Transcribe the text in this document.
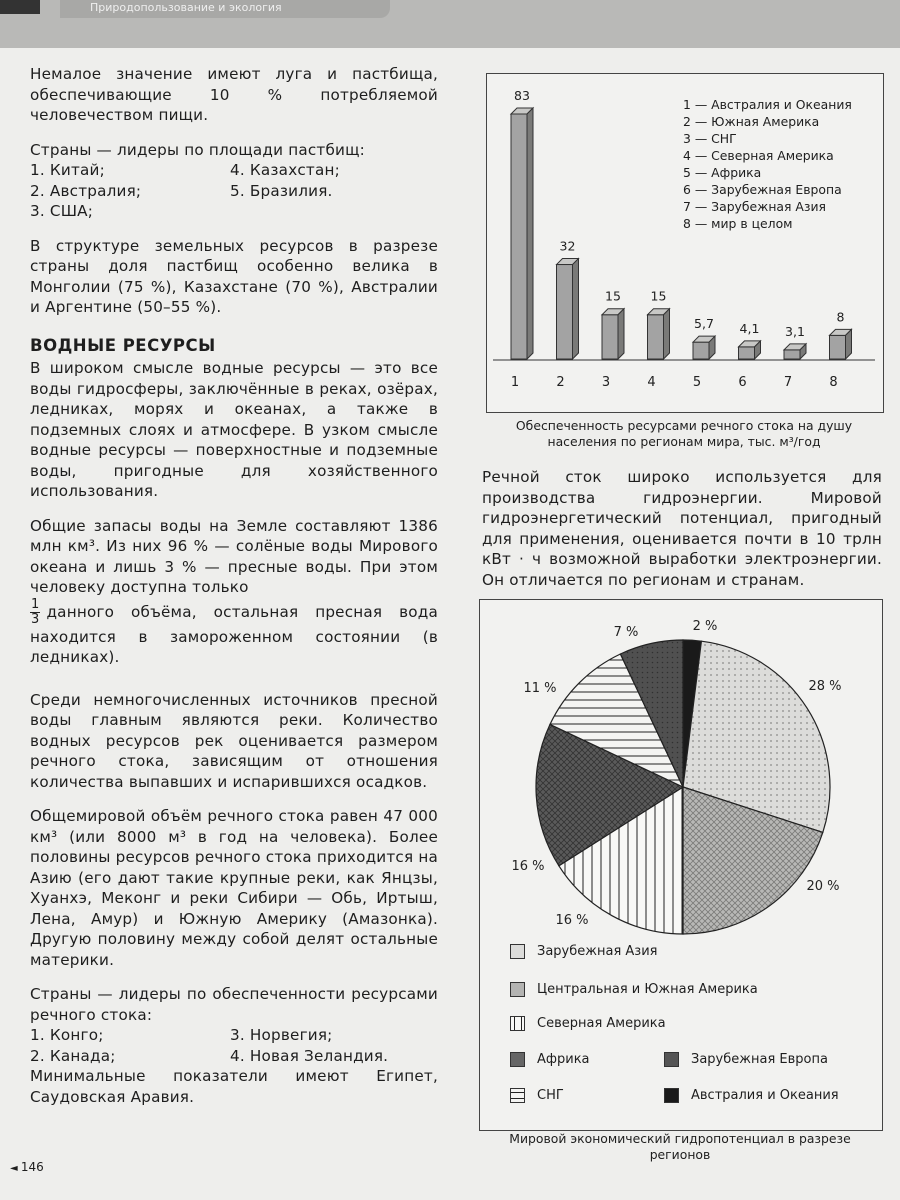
Природопользование и экология

Немалое значение имеют луга и пастбища, обеспечивающие 10 % потребляемой человечеством пищи.

Страны — лидеры по площади пастбищ:

1. Китай;	4. Казахстан;
2. Австралия;	5. Бразилия.
3. США;

В структуре земельных ресурсов в разрезе страны доля пастбищ особенно велика в Монголии (75 %), Казахстане (70 %), Австралии и Аргентине (50–55 %).

ВОДНЫЕ РЕСУРСЫ

В широком смысле водные ресурсы — это все воды гидросферы, заключённые в реках, озёрах, ледниках, морях и океанах, а также в подземных слоях и атмосфере. В узком смысле водные ресурсы — поверхностные и подземные воды, пригодные для хозяйственного использования.

Общие запасы воды на Земле составляют 1386 млн км³. Из них 96 % — солёные воды Мирового океана и лишь 3 % — пресные воды. При этом человеку доступна только

$\frac{1}{3}$ данного объёма, остальная пресная вода находится в замороженном состоянии (в ледниках).

Среди немногочисленных источников пресной воды главным являются реки. Количество водных ресурсов рек оценивается размером речного стока, зависящим от отношения количества выпавших и испарившихся осадков.

Общемировой объём речного стока равен 47 000 км³ (или 8000 м³ в год на человека). Более половины ресурсов речного стока приходится на Азию (его дают такие крупные реки, как Янцзы, Хуанхэ, Меконг и реки Сибири — Обь, Иртыш, Лена, Амур) и Южную Америку (Амазонка). Другую половину между собой делят остальные материки.

Страны — лидеры по обеспеченности ресурсами речного стока:

1. Конго;	3. Норвегия;
2. Канада;	4. Новая Зеландия.

Минимальные показатели имеют Египет, Саудовская Аравия.

◄ 146
83
1
32
2
15
3
15
4
5,7
5
4,1
6
3,1
7
8
8
1 — Австралия и Океания
2 — Южная Америка
3 — СНГ
4 — Северная Америка
5 — Африка
6 — Зарубежная Европа
7 — Зарубежная Азия
8 — мир в целом
Обеспеченность ресурсами речного стока на душу населения по регионам мира, тыс. м³/год
Речной сток широко используется для производства гидроэнергии. Мировой гидроэнергетический потенциал, пригодный для применения, оценивается почти в 10 трлн кВт · ч возможной выработки электроэнергии. Он отличается по регионам и странам.
2 %
28 %
20 %
16 %
16 %
11 %
7 %
Зарубежная Азия
Центральная и Южная Америка
Северная Америка
Африка	Зарубежная Европа
СНГ	Австралия и Океания
Мировой экономический гидропотенциал в разрезе регионов
